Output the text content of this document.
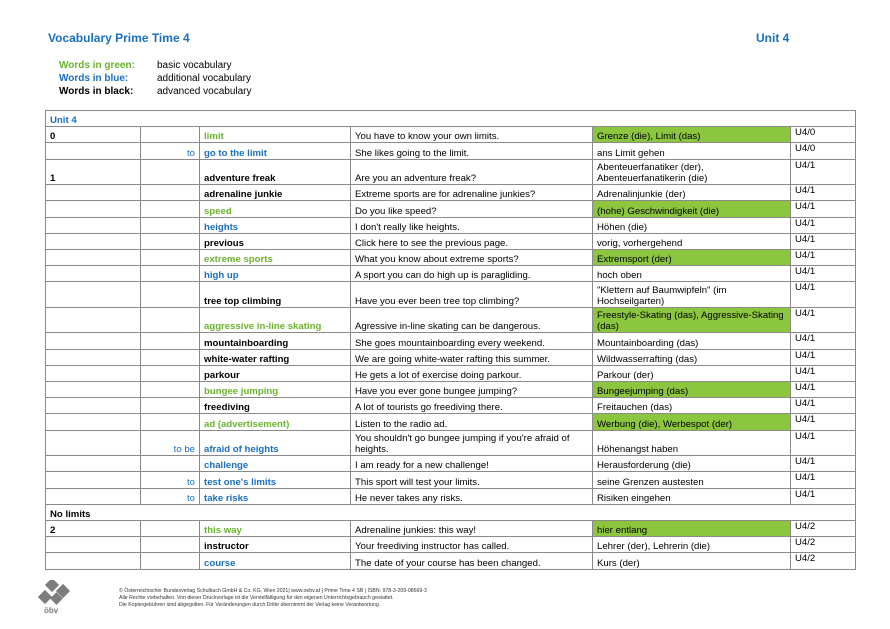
Vocabulary Prime Time 4	Unit 4
Words in green:	basic vocabulary
Words in blue:	additional vocabulary
Words in black:	advanced vocabulary
Unit 4					
0		limit	You have to know your own limits.	Grenze (die), Limit (das)	U4/0
	to	go to the limit	She likes going to the limit.	ans Limit gehen	U4/0
1		adventure freak	Are you an adventure freak?	Abenteuerfanatiker (der), Abenteuerfanatikerin (die)	U4/1
		adrenaline junkie	Extreme sports are for adrenaline junkies?	Adrenalinjunkie (der)	U4/1
		speed	Do you like speed?	(hohe) Geschwindigkeit (die)	U4/1
		heights	I don't really like heights.	Höhen (die)	U4/1
		previous	Click here to see the previous page.	vorig, vorhergehend	U4/1
		extreme sports	What you know about extreme sports?	Extremsport (der)	U4/1
		high up	A sport you can do high up is paragliding.	hoch oben	U4/1
		tree top climbing	Have you ever been tree top climbing?	"Klettern auf Baumwipfeln" (im Hochseilgarten)	U4/1
		aggressive in-line skating	Agressive in-line skating can be dangerous.	Freestyle-Skating (das), Aggressive-Skating (das)	U4/1
		mountainboarding	She goes mountainboarding every weekend.	Mountainboarding (das)	U4/1
		white-water rafting	We are going white-water rafting this summer.	Wildwasserrafting (das)	U4/1
		parkour	He gets a lot of exercise doing parkour.	Parkour (der)	U4/1
		bungee jumping	Have you ever gone bungee jumping?	Bungeejumping (das)	U4/1
		freediving	A lot of tourists go freediving there.	Freitauchen (das)	U4/1
		ad (advertisement)	Listen to the radio ad.	Werbung (die), Werbespot (der)	U4/1
	to be	afraid of heights	You shouldn't go bungee jumping if you're afraid of heights.	Höhenangst haben	U4/1
		challenge	I am ready for a new challenge!	Herausforderung (die)	U4/1
	to	test one's limits	This sport will test your limits.	seine Grenzen austesten	U4/1
	to	take risks	He never takes any risks.	Risiken eingehen	U4/1
No limits					
2		this way	Adrenaline junkies: this way!	hier entlang	U4/2
		instructor	Your freediving instructor has called.	Lehrer (der), Lehrerin (die)	U4/2
		course	The date of your course has been changed.	Kurs (der)	U4/2
öbv
© Österreichischer Bundesverlag Schulbuch GmbH & Co. KG, Wien 2021| www.oebv.at | Prime Time 4 SB | ISBN: 978-3-209-08669-3
Alle Rechte vorbehalten. Von dieser Druckvorlage ist die Vervielfältigung für den eigenen Unterrichtsgebrauch gestattet.
Die Kopiergebühren sind abgegolten. Für Veränderungen durch Dritte übernimmt der Verlag keine Verantwortung.
